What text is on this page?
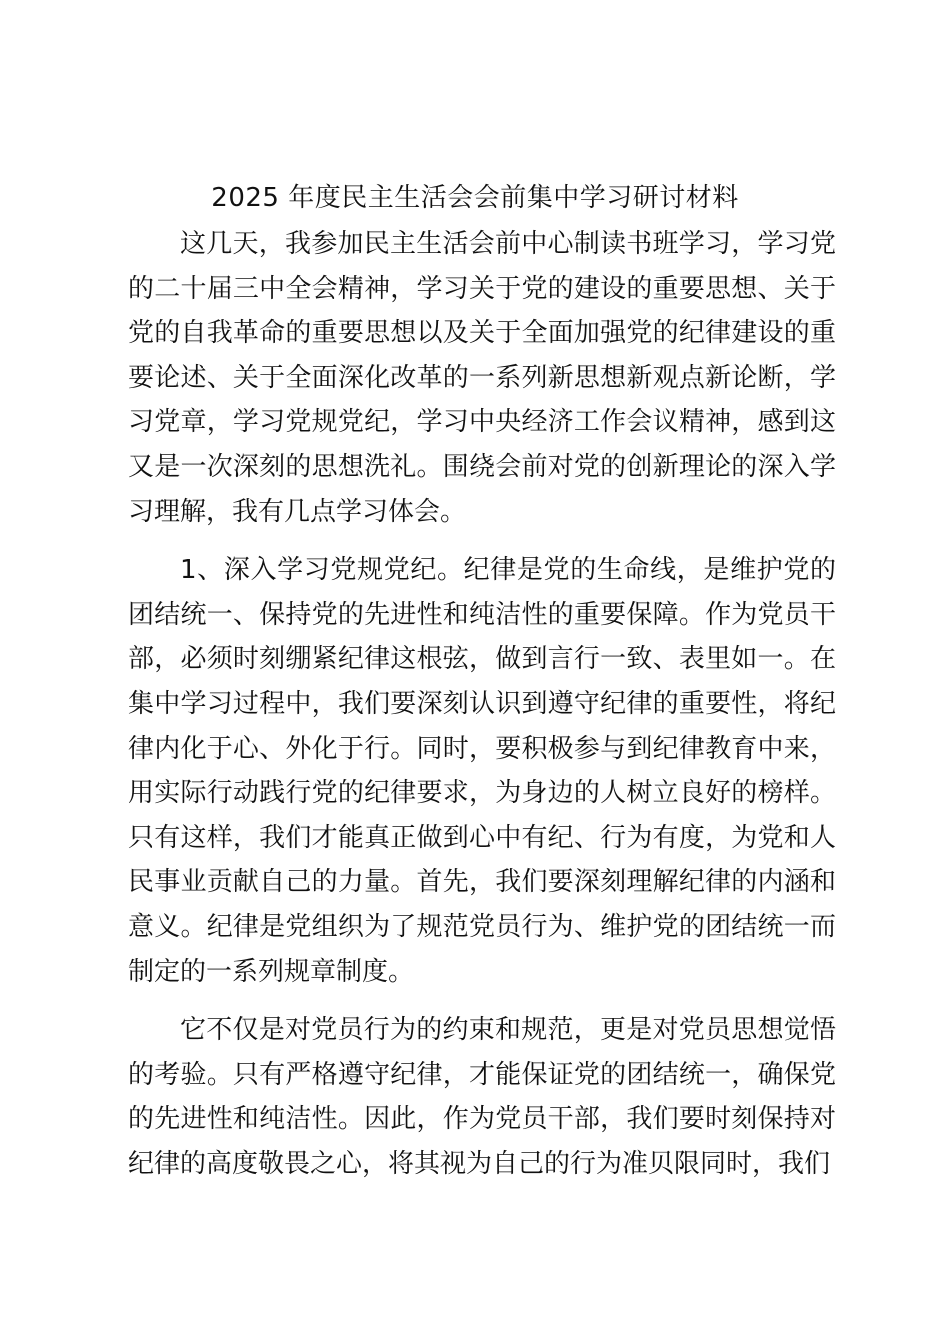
2025 年度民主生活会会前集中学习研讨材料

这几天，我参加民主生活会前中心制读书班学习，学习党的二十届三中全会精神，学习关于党的建设的重要思想、关于党的自我革命的重要思想以及关于全面加强党的纪律建设的重要论述、关于全面深化改革的一系列新思想新观点新论断，学习党章，学习党规党纪，学习中央经济工作会议精神，感到这又是一次深刻的思想洗礼。围绕会前对党的创新理论的深入学习理解，我有几点学习体会。

1、深入学习党规党纪。纪律是党的生命线，是维护党的团结统一、保持党的先进性和纯洁性的重要保障。作为党员干部，必须时刻绷紧纪律这根弦，做到言行一致、表里如一。在集中学习过程中，我们要深刻认识到遵守纪律的重要性，将纪律内化于心、外化于行。同时，要积极参与到纪律教育中来，用实际行动践行党的纪律要求，为身边的人树立良好的榜样。只有这样，我们才能真正做到心中有纪、行为有度，为党和人民事业贡献自己的力量。首先，我们要深刻理解纪律的内涵和意义。纪律是党组织为了规范党员行为、维护党的团结统一而制定的一系列规章制度。

它不仅是对党员行为的约束和规范，更是对党员思想觉悟的考验。只有严格遵守纪律，才能保证党的团结统一，确保党的先进性和纯洁性。因此，作为党员干部，我们要时刻保持对纪律的高度敬畏之心，将其视为自己的行为准贝限同时，我们
